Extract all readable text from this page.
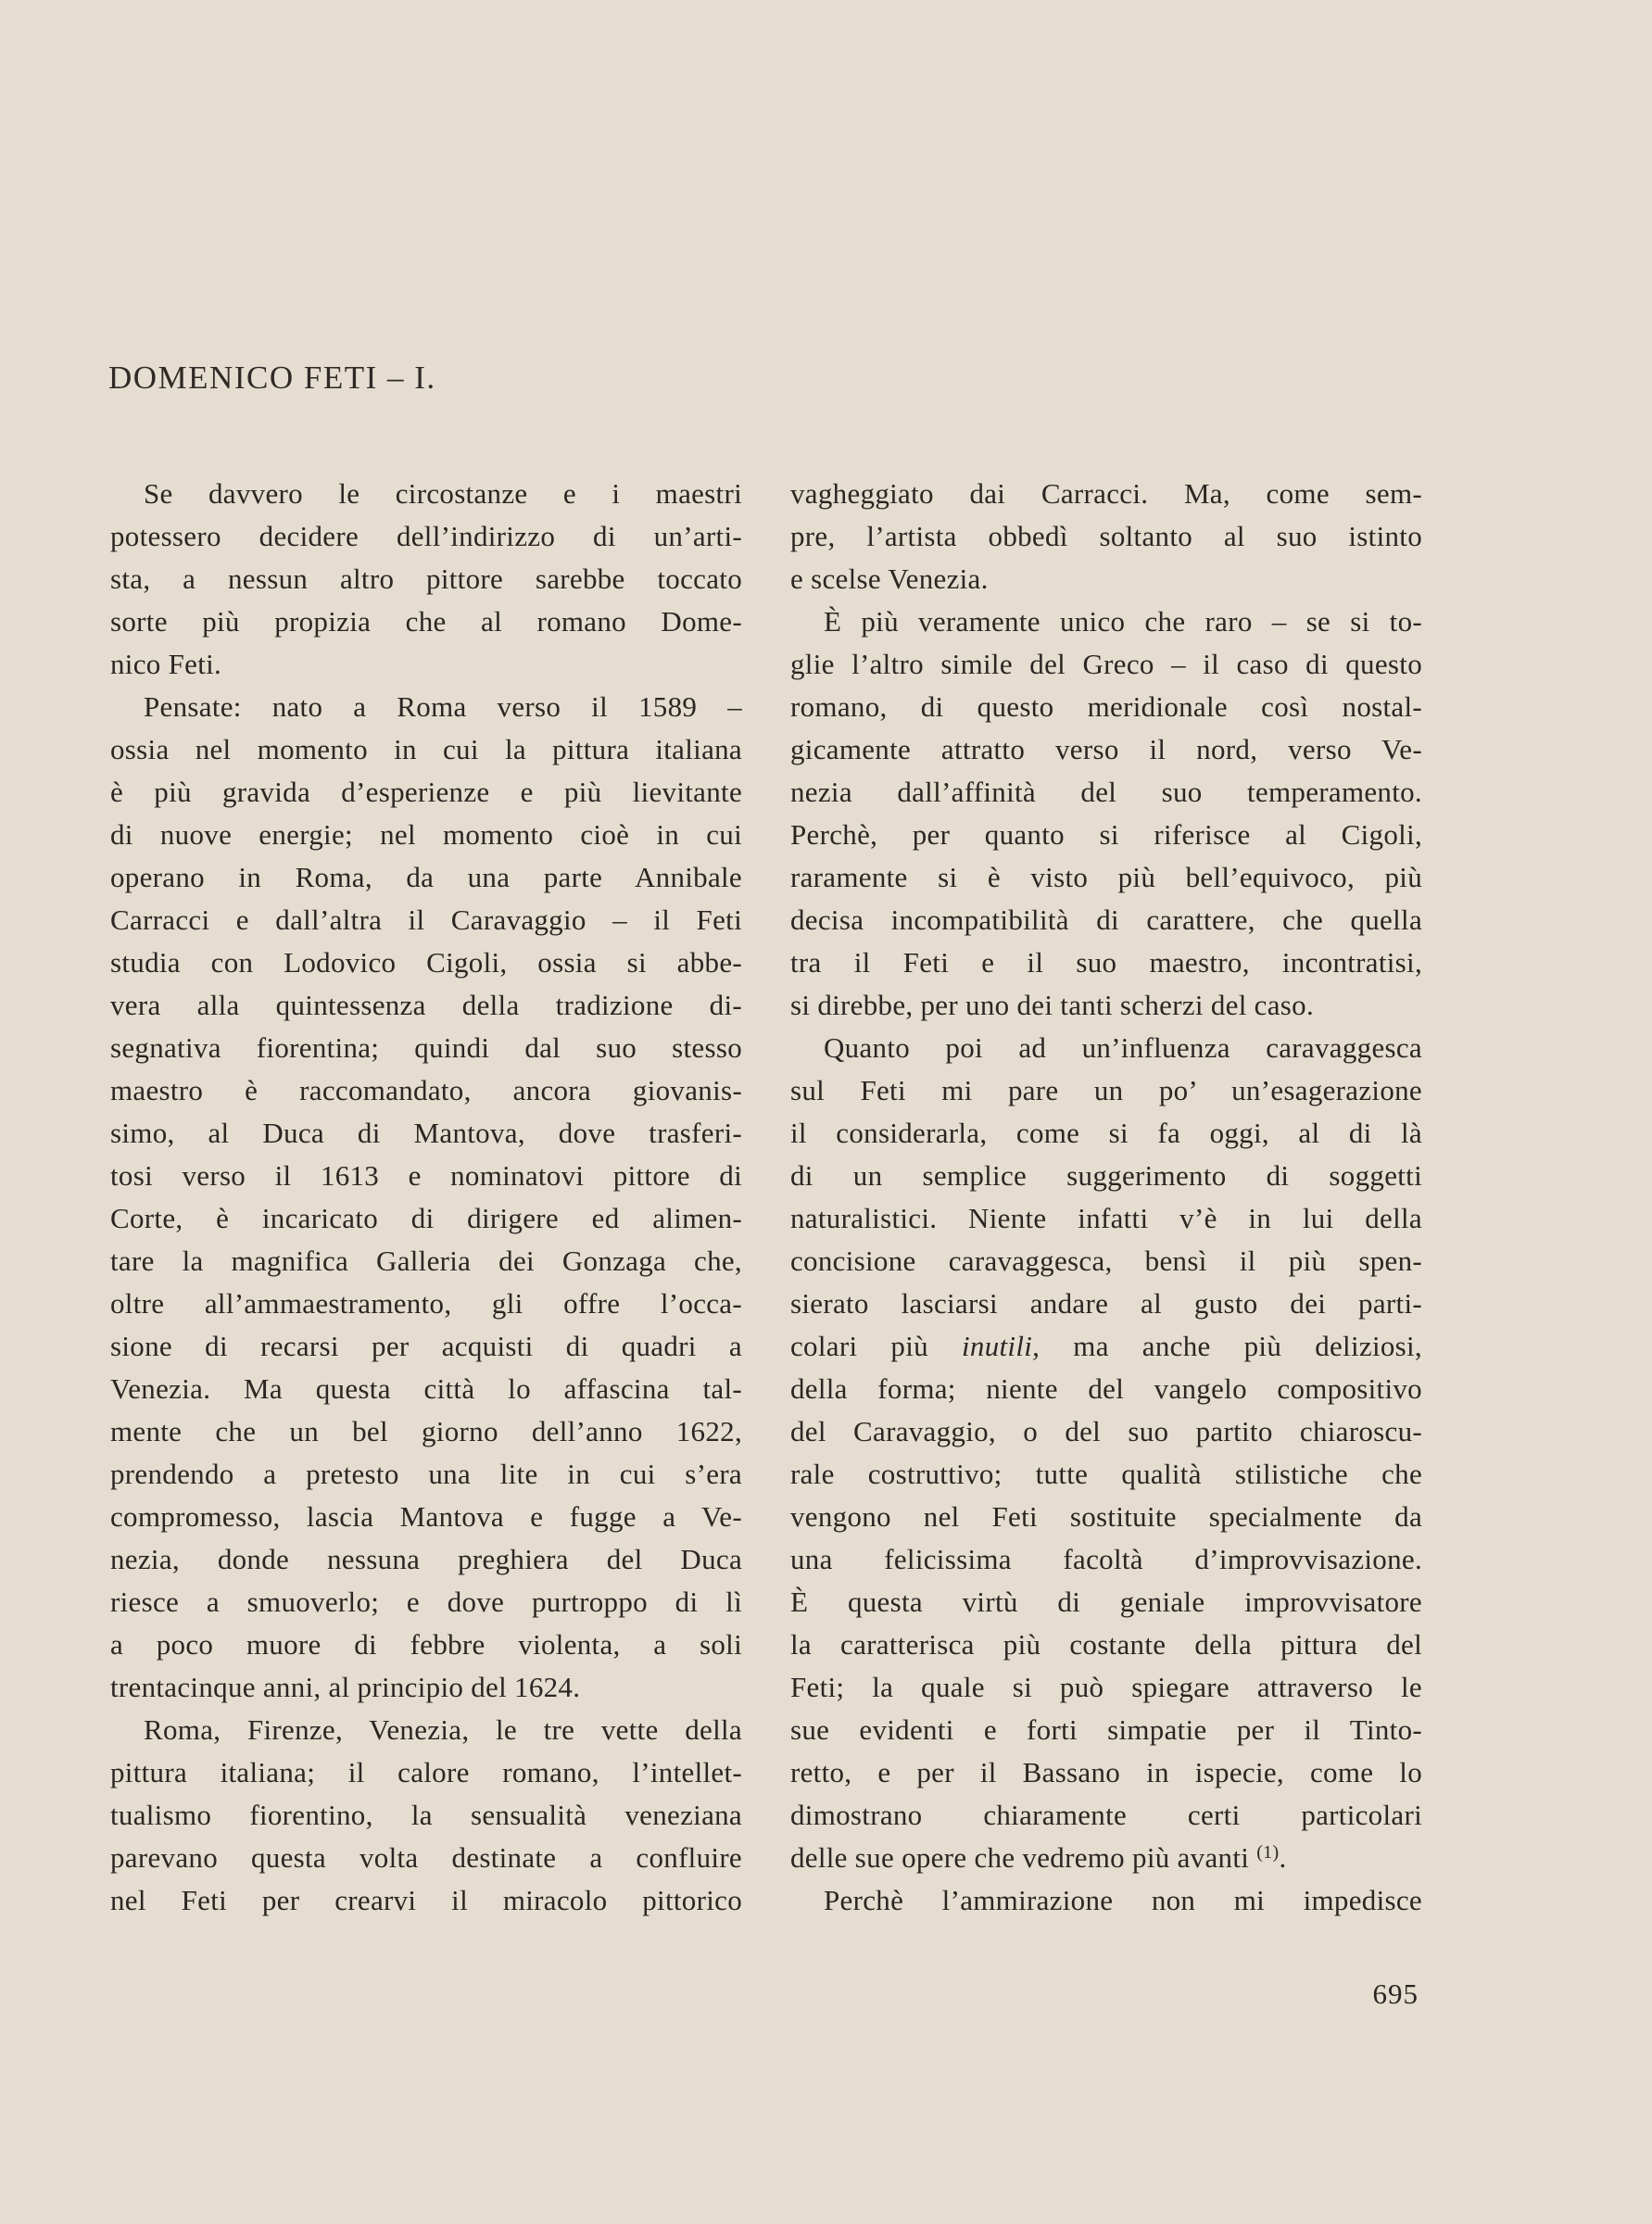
DOMENICO FETI – I.
Se davvero le circostanze e i maestri
potessero decidere dell’indirizzo di un’arti-
sta, a nessun altro pittore sarebbe toccato
sorte più propizia che al romano Dome-
nico Feti.
Pensate: nato a Roma verso il 1589 –
ossia nel momento in cui la pittura italiana
è più gravida d’esperienze e più lievitante
di nuove energie; nel momento cioè in cui
operano in Roma, da una parte Annibale
Carracci e dall’altra il Caravaggio – il Feti
studia con Lodovico Cigoli, ossia si abbe-
vera alla quintessenza della tradizione di-
segnativa fiorentina; quindi dal suo stesso
maestro è raccomandato, ancora giovanis-
simo, al Duca di Mantova, dove trasferi-
tosi verso il 1613 e nominatovi pittore di
Corte, è incaricato di dirigere ed alimen-
tare la magnifica Galleria dei Gonzaga che,
oltre all’ammaestramento, gli offre l’occa-
sione di recarsi per acquisti di quadri a
Venezia. Ma questa città lo affascina tal-
mente che un bel giorno dell’anno 1622,
prendendo a pretesto una lite in cui s’era
compromesso, lascia Mantova e fugge a Ve-
nezia, donde nessuna preghiera del Duca
riesce a smuoverlo; e dove purtroppo di lì
a poco muore di febbre violenta, a soli
trentacinque anni, al principio del 1624.
Roma, Firenze, Venezia, le tre vette della
pittura italiana; il calore romano, l’intellet-
tualismo fiorentino, la sensualità veneziana
parevano questa volta destinate a confluire
nel Feti per crearvi il miracolo pittorico
vagheggiato dai Carracci. Ma, come sem-
pre, l’artista obbedì soltanto al suo istinto
e scelse Venezia.
È più veramente unico che raro – se si to-
glie l’altro simile del Greco – il caso di questo
romano, di questo meridionale così nostal-
gicamente attratto verso il nord, verso Ve-
nezia dall’affinità del suo temperamento.
Perchè, per quanto si riferisce al Cigoli,
raramente si è visto più bell’equivoco, più
decisa incompatibilità di carattere, che quella
tra il Feti e il suo maestro, incontratisi,
si direbbe, per uno dei tanti scherzi del caso.
Quanto poi ad un’influenza caravaggesca
sul Feti mi pare un po’ un’esagerazione
il considerarla, come si fa oggi, al di là
di un semplice suggerimento di soggetti
naturalistici. Niente infatti v’è in lui della
concisione caravaggesca, bensì il più spen-
sierato lasciarsi andare al gusto dei parti-
colari più inutili, ma anche più deliziosi,
della forma; niente del vangelo compositivo
del Caravaggio, o del suo partito chiaroscu-
rale costruttivo; tutte qualità stilistiche che
vengono nel Feti sostituite specialmente da
una felicissima facoltà d’improvvisazione.
È questa virtù di geniale improvvisatore
la caratterisca più costante della pittura del
Feti; la quale si può spiegare attraverso le
sue evidenti e forti simpatie per il Tinto-
retto, e per il Bassano in ispecie, come lo
dimostrano chiaramente certi particolari
delle sue opere che vedremo più avanti $^{(1)}$.
Perchè l’ammirazione non mi impedisce
695
